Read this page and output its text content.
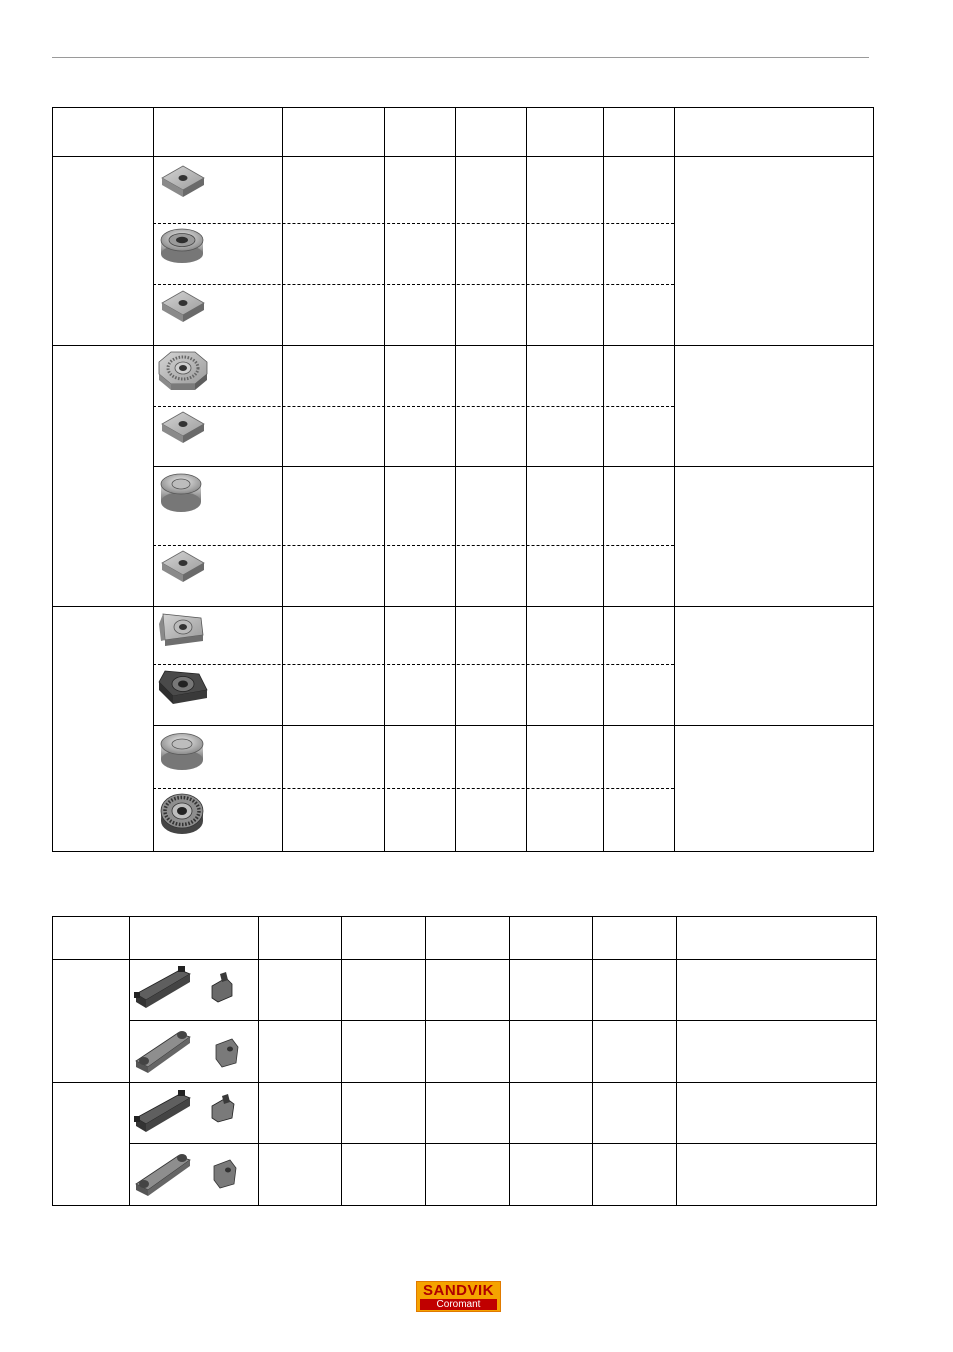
SANDVIK
Coromant
